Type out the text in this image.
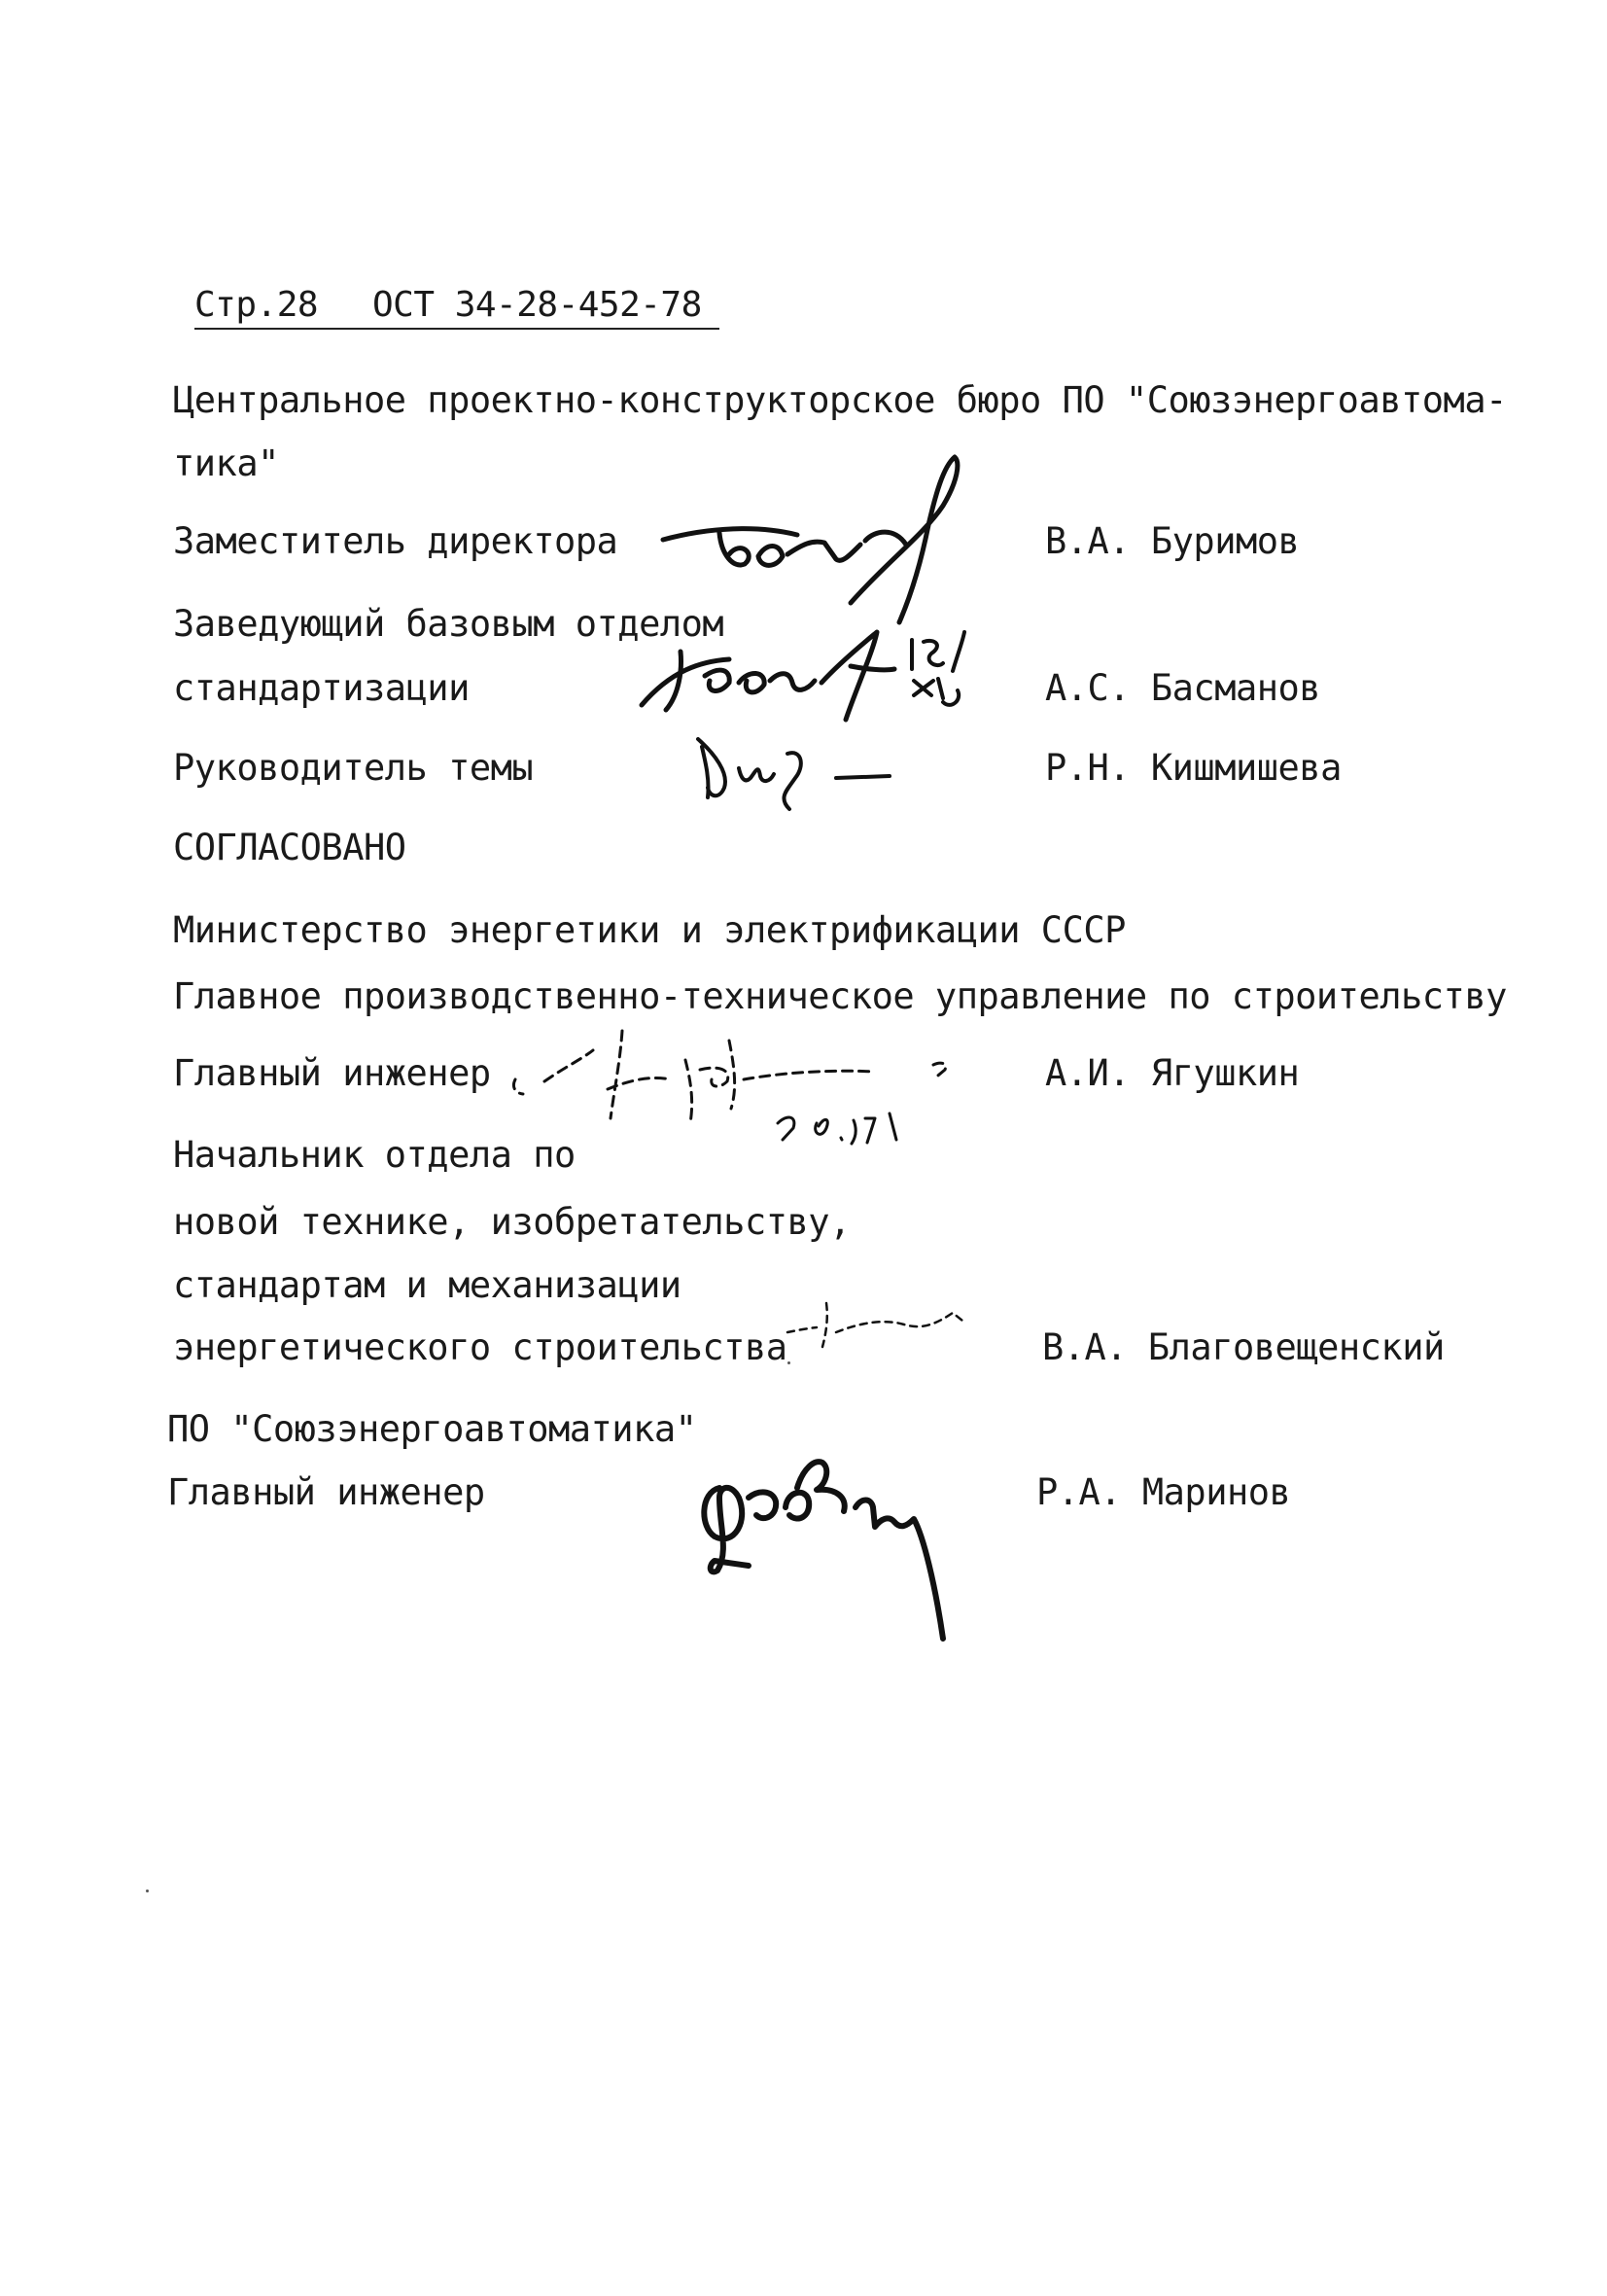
Стр.28 ОСТ 34-28-452-78
Центральное проектно-конструкторское бюро ПО "Союзэнергоавтома-
тика"
Заместитель директора	В.А. Буримов
Заведующий базовым отделом
стандартизации	А.С. Басманов
Руководитель темы	Р.Н. Кишмишева
СОГЛАСОВАНО
Министерство энергетики и электрификации СССР
Главное производственно-техническое управление по строительству
Главный инженер	А.И. Ягушкин
Начальник отдела по
новой технике, изобретательству,
стандартам и механизации
энергетического строительства	В.А. Благовещенский
ПО "Союзэнергоавтоматика"
Главный инженер	Р.А. Маринов
